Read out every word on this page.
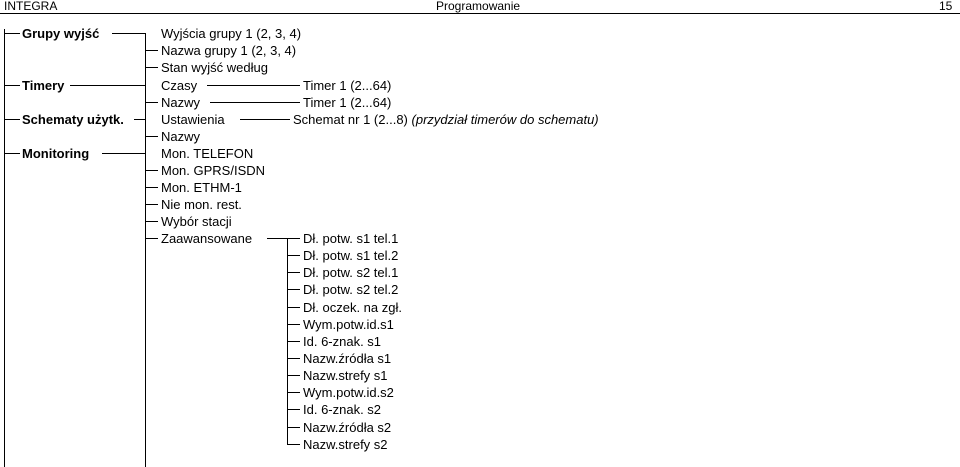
INTEGRA	Programowanie	15
Grupy wyjść
Timery
Schematy użytk.
Monitoring
Wyjścia grupy 1 (2, 3, 4)
Nazwa grupy 1 (2, 3, 4)
Stan wyjść według
Czasy
Nazwy
Ustawienia
Nazwy
Mon. TELEFON
Mon. GPRS/ISDN
Mon. ETHM-1
Nie mon. rest.
Wybór stacji
Zaawansowane
Timer 1 (2...64)
Timer 1 (2...64)
Schemat nr 1 (2...8) (przydział timerów do schematu)
Dł. potw. s1 tel.1
Dł. potw. s1 tel.2
Dł. potw. s2 tel.1
Dł. potw. s2 tel.2
Dł. oczek. na zgł.
Wym.potw.id.s1
Id. 6-znak. s1
Nazw.źródła s1
Nazw.strefy s1
Wym.potw.id.s2
Id. 6-znak. s2
Nazw.źródła s2
Nazw.strefy s2
